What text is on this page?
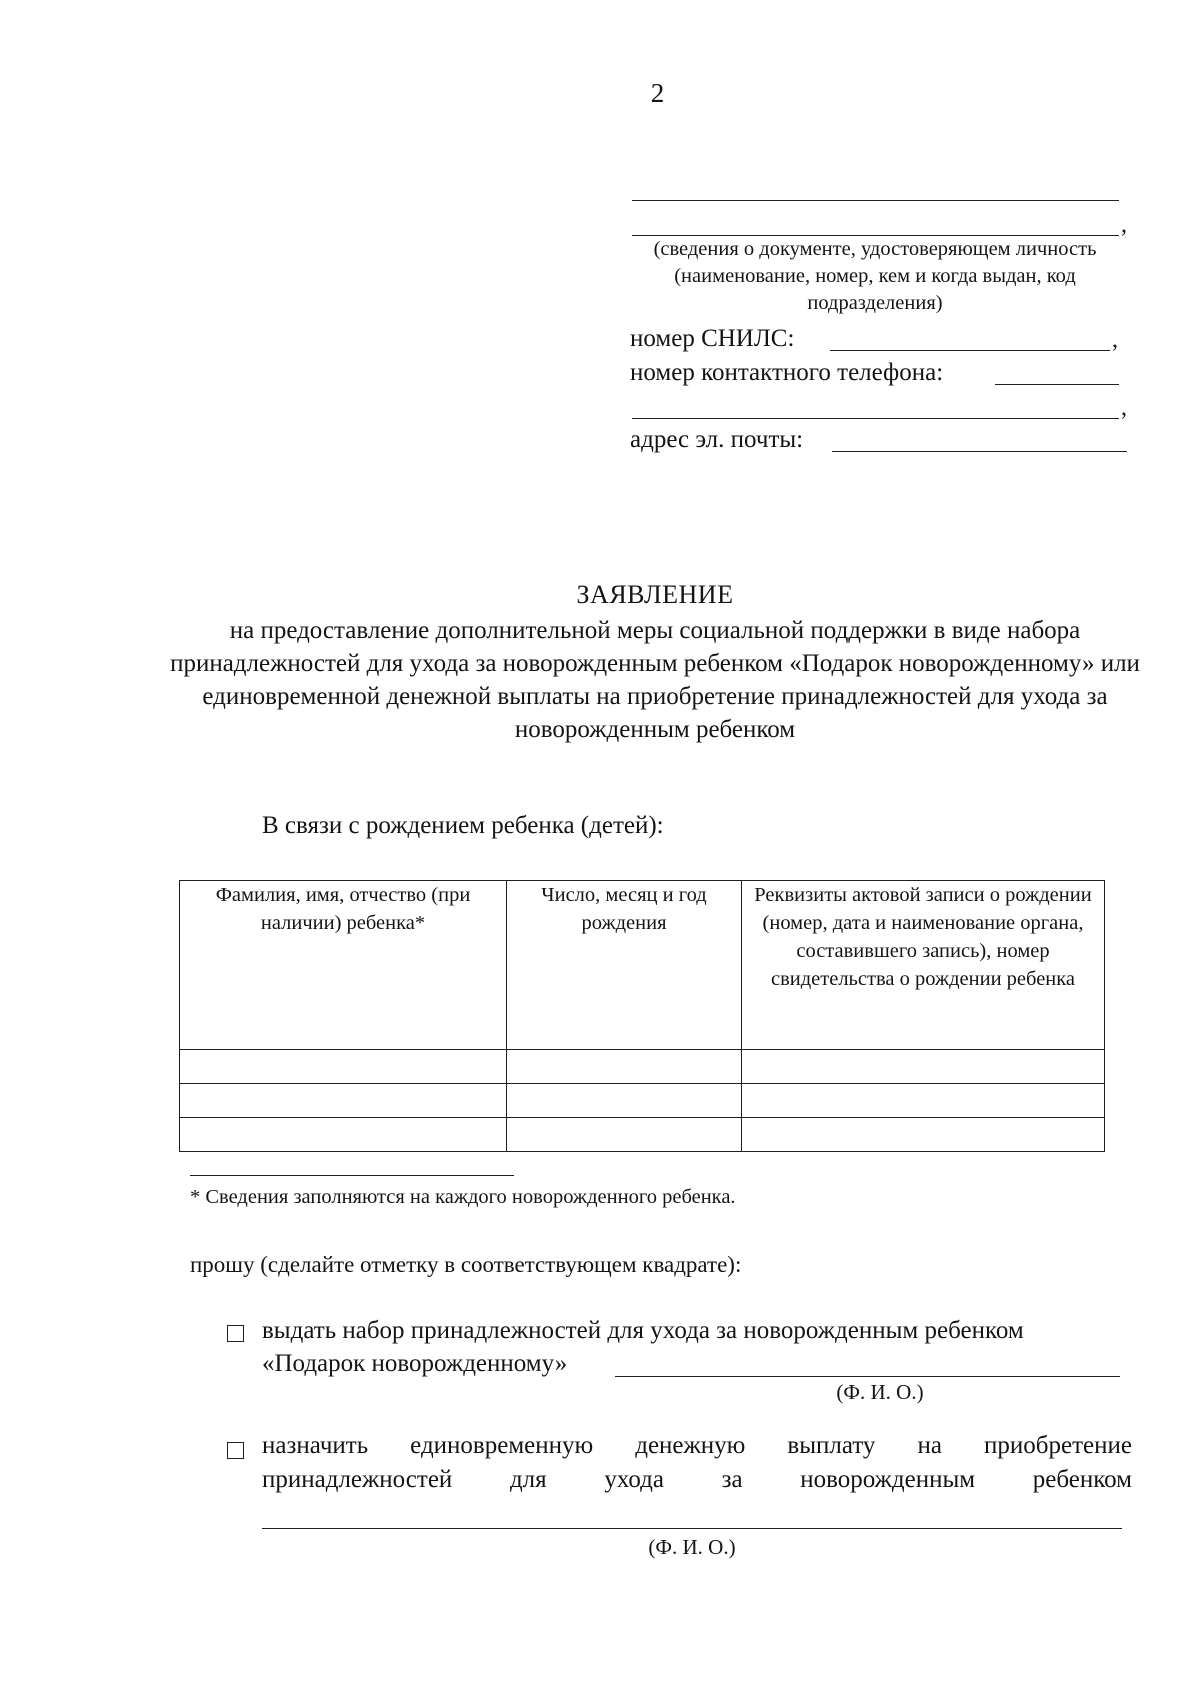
2
,
(сведения о документе, удостоверяющем личность (наименование, номер, кем и когда выдан, код подразделения)
номер СНИЛС:	,
номер контактного телефона:
,
адрес эл. почты:
ЗАЯВЛЕНИЕ
на предоставление дополнительной меры социальной поддержки в виде набора принадлежностей для ухода за новорожденным ребенком «Подарок новорожденному» или единовременной денежной выплаты на приобретение принадлежностей для ухода за новорожденным ребенком
В связи с рождением ребенка (детей):
Фамилия, имя, отчество (при наличии) ребенка*	Число, месяц и год рождения	Реквизиты актовой записи о рождении (номер, дата и наименование органа, составившего запись), номер свидетельства о рождении ребенка

* Сведения заполняются на каждого новорожденного ребенка.
прошу (сделайте отметку в соответствующем квадрате):
выдать набор принадлежностей для ухода за новорожденным ребенком
«Подарок новорожденному»
(Ф. И. О.)
назначить единовременную денежную выплату на приобретение
принадлежностей для ухода за новорожденным ребенком
(Ф. И. О.)
